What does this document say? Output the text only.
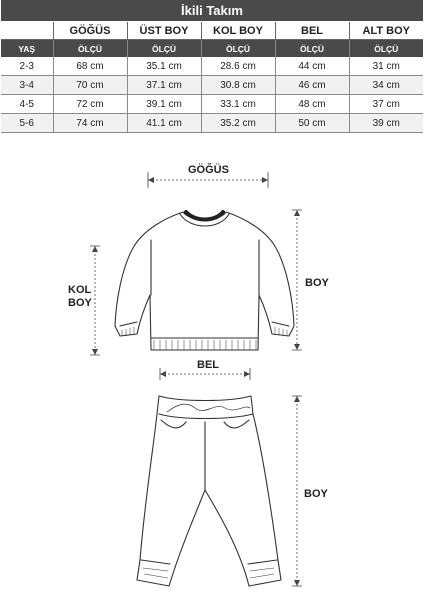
İkili Takım
	GÖĞÜS	ÜST BOY	KOL BOY	BEL	ALT BOY
YAŞ	ÖLÇÜ	ÖLÇÜ	ÖLÇÜ	ÖLÇÜ	ÖLÇÜ
2-3	68 cm	35.1 cm	28.6 cm	44 cm	31 cm
3-4	70 cm	37.1 cm	30.8 cm	46 cm	34 cm
4-5	72 cm	39.1 cm	33.1 cm	48 cm	37 cm
5-6	74 cm	41.1 cm	35.2 cm	50 cm	39 cm
GÖĞÜS
KOL
BOY
BOY
BEL
BOY
